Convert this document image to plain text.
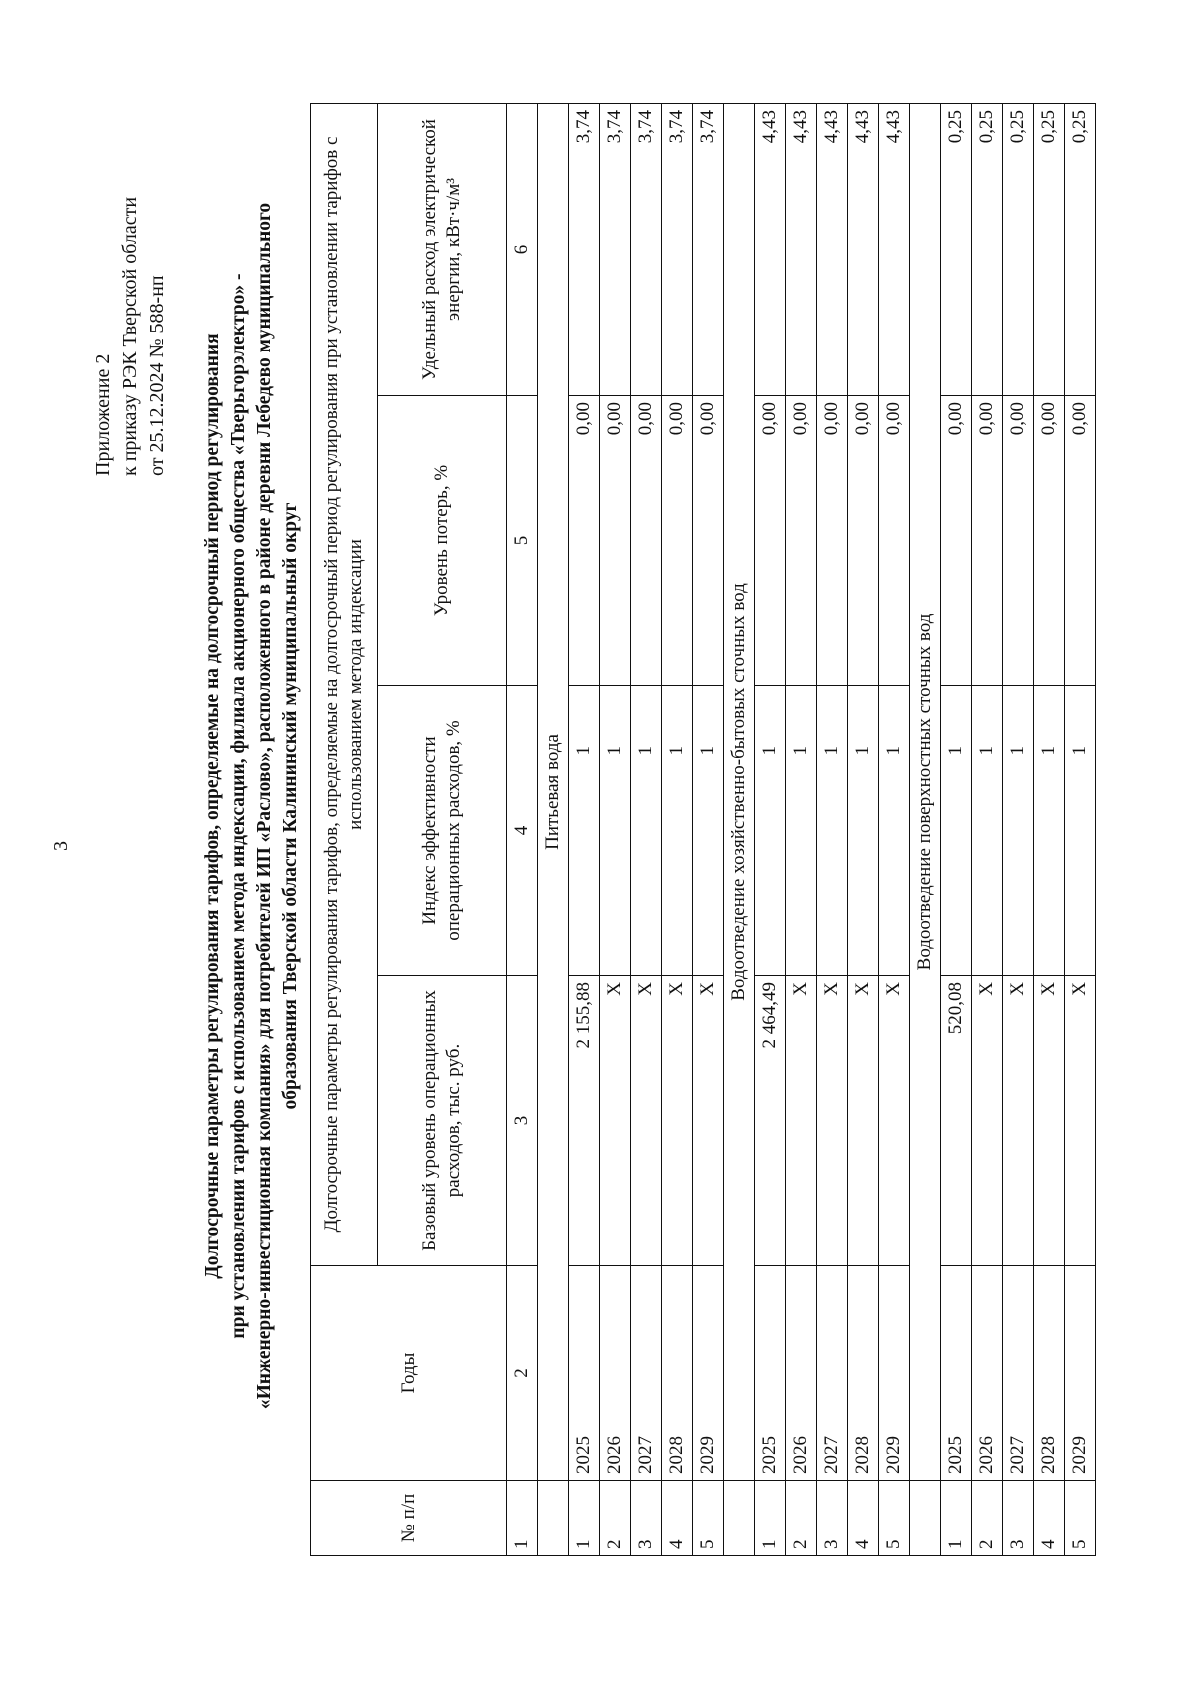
3
Приложение 2 к приказу РЭК Тверской области от 25.12.2024 № 588-нп Долгосрочные параметры регулирования тарифов, определяемые на долгосрочный период регулирования при установлении тарифов с использованием метода индексации, филиала акционерного общества «Тверьгорэлектро» - «Инженерно-инвестиционная компания» для потребителей ИП «Раслово», расположенного в районе деревни Лебедево муниципального образования Тверской области Калининский муниципальный округ
№ п/п	Годы	Долгосрочные параметры регулирования тарифов, определяемые на долгосрочный период регулирования при установлении тарифов с использованием метода индексации			
		Базовый уровень операционных расходов, тыс. руб.	Индекс эффективности операционных расходов, %	Уровень потерь, %	Удельный расход электрической энергии, кВт·ч/м³
1	2	3	4	5	6
	Питьевая вода				
1	2025	2 155,88	1	0,00	3,74
2	2026	Х	1	0,00	3,74
3	2027	Х	1	0,00	3,74
4	2028	Х	1	0,00	3,74
5	2029	Х	1	0,00	3,74
	Водоотведение хозяйственно-бытовых сточных вод				
1	2025	2 464,49	1	0,00	4,43
2	2026	Х	1	0,00	4,43
3	2027	Х	1	0,00	4,43
4	2028	Х	1	0,00	4,43
5	2029	Х	1	0,00	4,43
	Водоотведение поверхностных сточных вод				
1	2025	520,08	1	0,00	0,25
2	2026	Х	1	0,00	0,25
3	2027	Х	1	0,00	0,25
4	2028	Х	1	0,00	0,25
5	2029	Х	1	0,00	0,25
